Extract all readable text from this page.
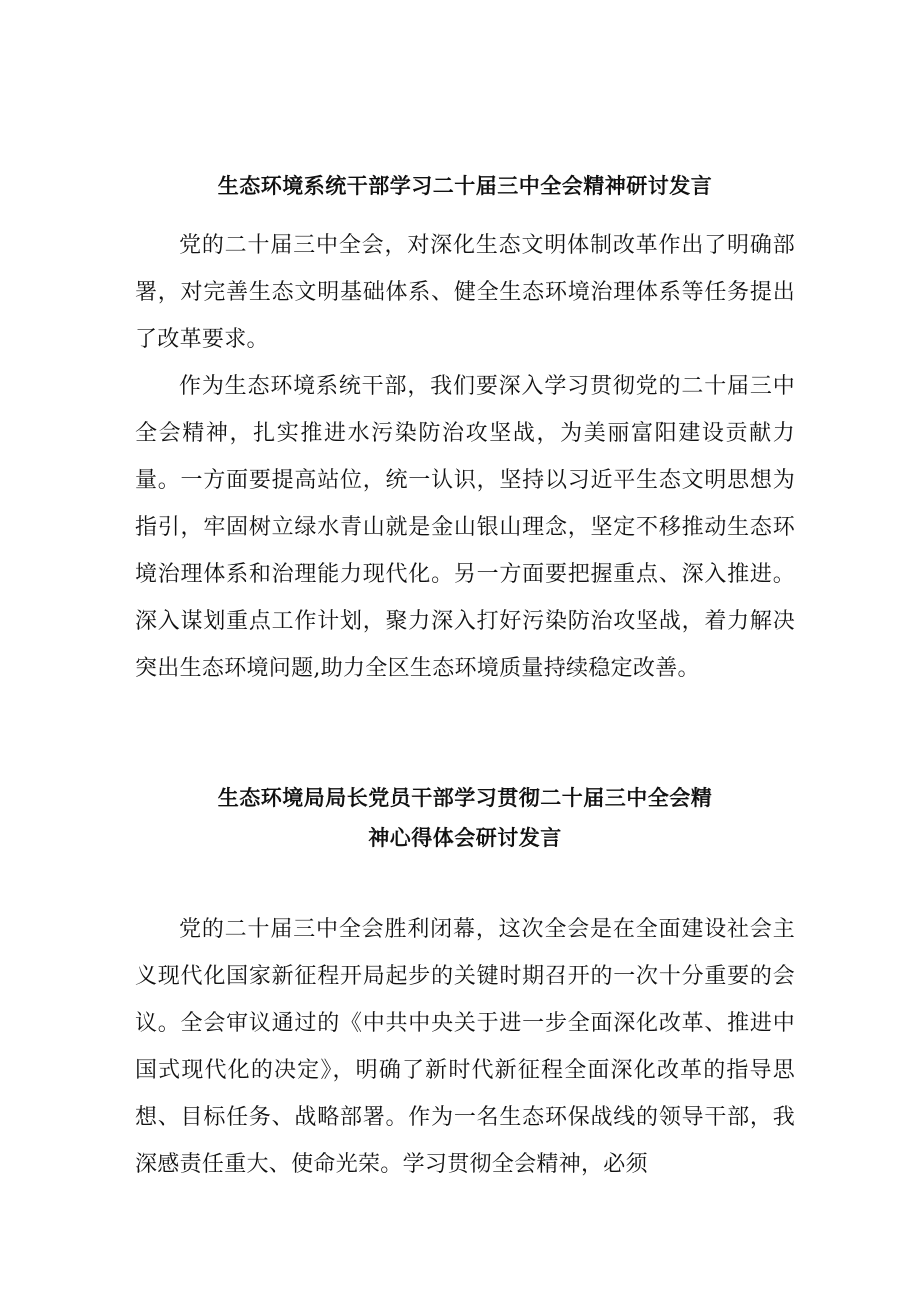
生态环境系统干部学习二十届三中全会精神研讨发言

党的二十届三中全会，对深化生态文明体制改革作出了明确部署，对完善生态文明基础体系、健全生态环境治理体系等任务提出了改革要求。

作为生态环境系统干部，我们要深入学习贯彻党的二十届三中全会精神，扎实推进水污染防治攻坚战，为美丽富阳建设贡献力量。一方面要提高站位，统一认识，坚持以习近平生态文明思想为指引，牢固树立绿水青山就是金山银山理念，坚定不移推动生态环境治理体系和治理能力现代化。另一方面要把握重点、深入推进。深入谋划重点工作计划，聚力深入打好污染防治攻坚战，着力解决突出生态环境问题,助力全区生态环境质量持续稳定改善。

生态环境局局长党员干部学习贯彻二十届三中全会精
神心得体会研讨发言

党的二十届三中全会胜利闭幕，这次全会是在全面建设社会主义现代化国家新征程开局起步的关键时期召开的一次十分重要的会议。全会审议通过的《中共中央关于进一步全面深化改革、推进中国式现代化的决定》，明确了新时代新征程全面深化改革的指导思想、目标任务、战略部署。作为一名生态环保战线的领导干部，我深感责任重大、使命光荣。学习贯彻全会精神，必须
